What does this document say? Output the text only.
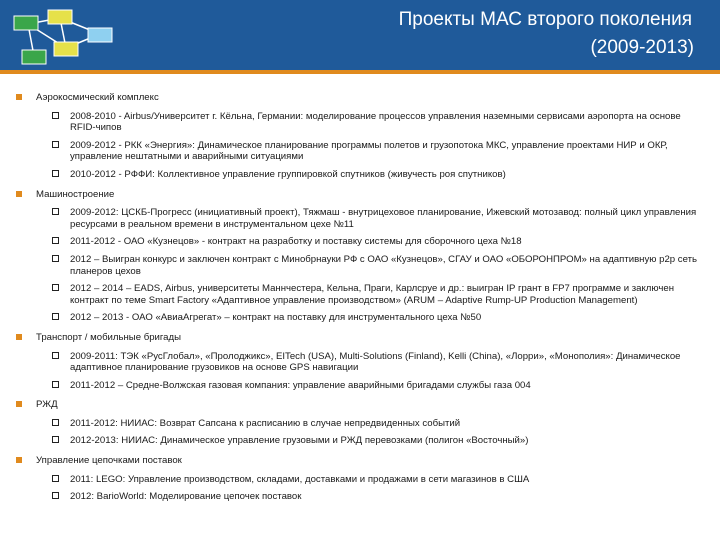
Проекты МАС второго поколения
(2009-2013)
Аэрокосмический комплекс
2008-2010 - Airbus/Университет г. Кёльна, Германии: моделирование процессов управления наземными сервисами аэропорта на основе RFID-чипов
2009-2012 - РКК «Энергия»: Динамическое планирование программы полетов и грузопотока МКС, управление проектами НИР и ОКР, управление нештатными и аварийными ситуациями
2010-2012 - РФФИ: Коллективное управление группировкой спутников (живучесть роя спутников)
Машиностроение
2009-2012: ЦСКБ-Прогресс (инициативный проект), Тяжмаш - внутрицеховое планирование, Ижевский мотозавод: полный цикл управления ресурсами в реальном времени в инструментальном цехе №11
2011-2012 - ОАО «Кузнецов» - контракт на разработку и поставку системы для сборочного цеха №18
2012 – Выигран конкурс и заключен контракт с Минобрнауки РФ с ОАО «Кузнецов», СГАУ и ОАО «ОБОРОНПРОМ» на адаптивную p2p сеть планеров цехов
2012 – 2014 – EADS, Airbus, университеты Маннчестера, Кельна, Праги, Карлсруе и др.: выигран IP грант в FP7 программе и заключен контракт по теме Smart Factory «Адаптивное управление производством» (ARUM – Adaptive Rump-UP Production Management)
2012 – 2013 - ОАО «АвиаАгрегат» – контракт на поставку для инструментального цеха №50
Транспорт / мобильные бригады
2009-2011: ТЭК «РусГлобал», «Пролоджикс», EITech (USA), Multi-Solutions (Finland), Kelli (China), «Лорри», «Монополия»: Динамическое адаптивное планирование грузовиков на основе GPS навигации
2011-2012 – Средне-Волжская газовая компания: управление аварийными бригадами службы газа 004
РЖД
2011-2012: НИИАС: Возврат Сапсана к расписанию в случае непредвиденных событий
2012-2013: НИИАС: Динамическое управление грузовыми и РЖД перевозками (полигон «Восточный»)
Управление цепочками поставок
2011: LEGO: Управление производством, складами, доставками и продажами в сети магазинов в США
2012: BarioWorld: Моделирование цепочек поставок
